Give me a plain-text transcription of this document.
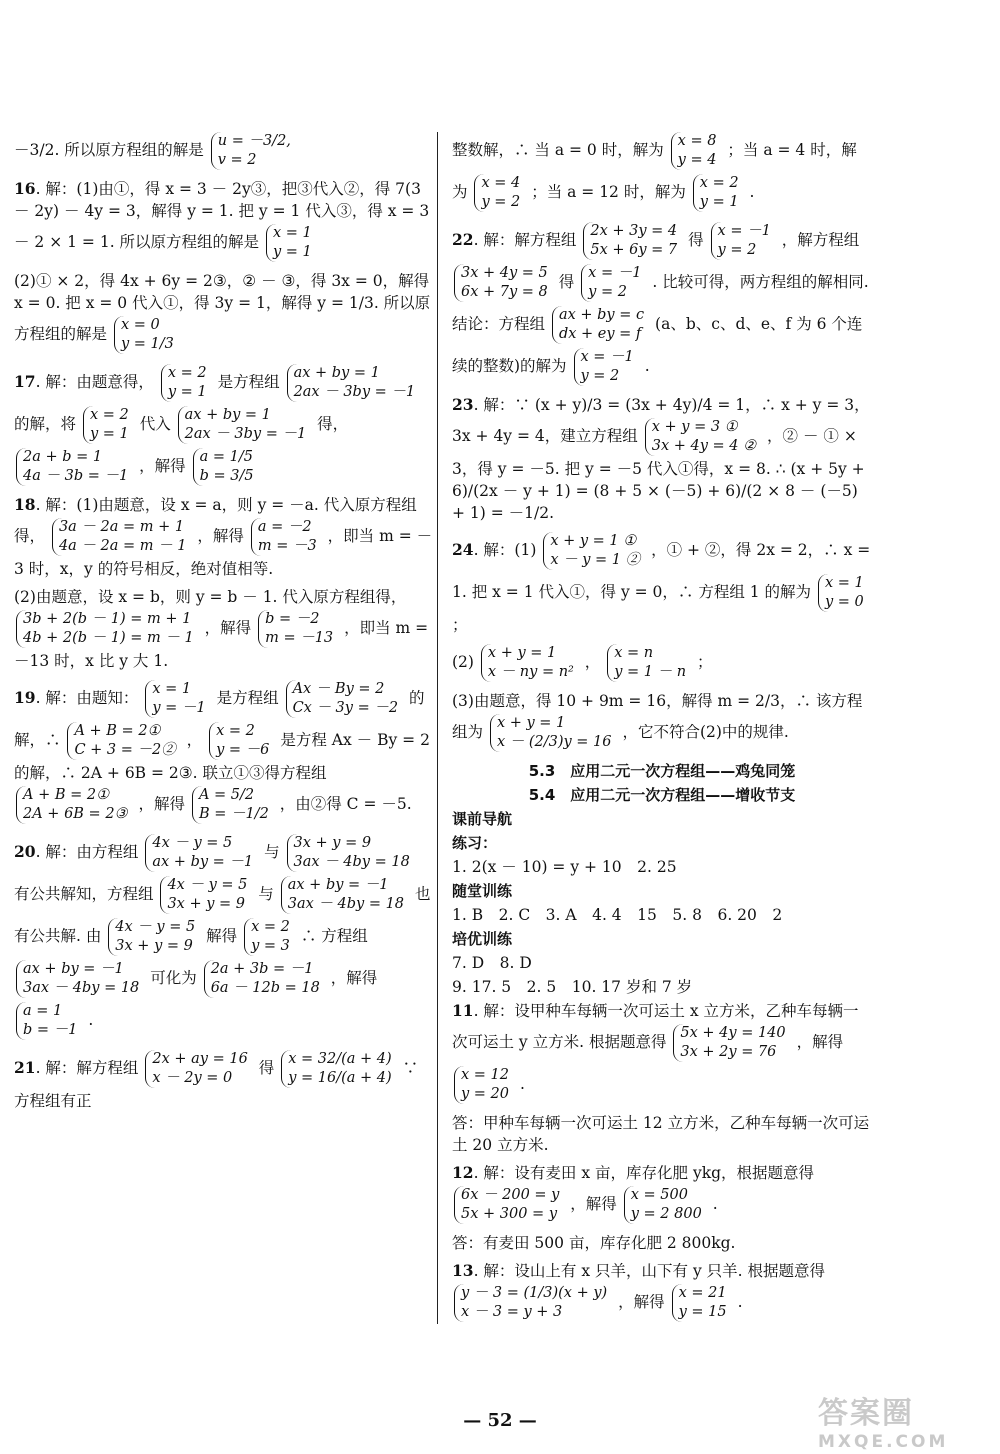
－3/2. 所以原方程组的解是 u = －3/2,
v = 2

16. 解：(1)由①，得 x = 3 － 2y③，把③代入②，得 7(3 － 2y) － 4y = 3，解得 y = 1. 把 y = 1 代入③，得 x = 3 － 2 × 1 = 1. 所以原方程组的解是 x = 1
y = 1

(2)① × 2，得 4x + 6y = 2③，② － ③，得 3x = 0，解得 x = 0. 把 x = 0 代入①，得 3y = 1，解得 y = 1/3. 所以原方程组的解是 x = 0
y = 1/3

17. 解：由题意得， x = 2
y = 1
是方程组 ax + by = 1
2ax － 3by = －1
的解，将 x = 2
y = 1
代入 ax + by = 1
2ax － 3by = －1
得，
2a + b = 1
4a － 3b = －1
，解得 a = 1/5
b = 3/5

18. 解：(1)由题意，设 x = a，则 y = －a. 代入原方程组得， 3a － 2a = m + 1
4a － 2a = m － 1
，解得 a = －2
m = －3
，即当 m = －3 时，x，y 的符号相反，绝对值相等.

(2)由题意，设 x = b，则 y = b － 1. 代入原方程组得，
3b + 2(b － 1) = m + 1
4b + 2(b － 1) = m － 1
，解得 b = －2
m = －13
，即当 m = －13 时，x 比 y 大 1.

19. 解：由题知： x = 1
y = －1
是方程组 Ax － By = 2
Cx － 3y = －2
的解，∴ A + B = 2①
C + 3 = －2②
， x = 2
y = －6
是方程 Ax － By = 2 的解，∴ 2A + 6B = 2③. 联立①③得方程组
A + B = 2①
2A + 6B = 2③
，解得 A = 5/2
B = －1/2
，由②得 C = －5.

20. 解：由方程组 4x － y = 5
ax + by = －1
与 3x + y = 9
3ax － 4by = 18
有公共解知，方程组 4x － y = 5
3x + y = 9
与 ax + by = －1
3ax － 4by = 18
也有公共解. 由 4x － y = 5
3x + y = 9
解得 x = 2
y = 3
∴ 方程组
ax + by = －1
3ax － 4by = 18
可化为 2a + 3b = －1
6a － 12b = 18
，解得
a = 1
b = －1
.

21. 解：解方程组 2x + ay = 16
x － 2y = 0
得 x = 32/(a + 4)
y = 16/(a + 4)
∵ 方程组有正

整数解，∴ 当 a = 0 时，解为 x = 8
y = 4
；当 a = 4 时，解为 x = 4
y = 2
；当 a = 12 时，解为 x = 2
y = 1
.

22. 解：解方程组 2x + 3y = 4
5x + 6y = 7
得 x = －1
y = 2
，解方程组
3x + 4y = 5
6x + 7y = 8
得 x = －1
y = 2
. 比较可得，两方程组的解相同. 结论：方程组 ax + by = c
dx + ey = f
(a、b、c、d、e、f 为 6 个连续的整数)的解为 x = －1
y = 2
.

23. 解：∵ (x + y)/3 = (3x + 4y)/4 = 1，∴ x + y = 3，3x + 4y = 4，建立方程组 x + y = 3 ①
3x + 4y = 4 ②
，② － ① × 3，得 y = －5. 把 y = －5 代入①得，x = 8. ∴ (x + 5y + 6)/(2x － y + 1) = (8 + 5 × (－5) + 6)/(2 × 8 － (－5) + 1) = －1/2.

24. 解：(1) x + y = 1 ①
x － y = 1 ②
，① + ②，得 2x = 2，∴ x = 1. 把 x = 1 代入①，得 y = 0，∴ 方程组 1 的解为 x = 1
y = 0
；

(2) x + y = 1
x － ny = n²
， x = n
y = 1 － n
；

(3)由题意，得 10 + 9m = 16，解得 m = 2/3，∴ 该方程组为 x + y = 1
x － (2/3)y = 16
，它不符合(2)中的规律.

5.3　应用二元一次方程组——鸡兔同笼
5.4　应用二元一次方程组——增收节支
课前导航
练习：
1. 2(x － 10) = y + 10　2. 25
随堂训练
1. B　2. C　3. A　4. 4　15　5. 8　6. 20　2
培优训练
7. D　8. D
9. 17. 5　2. 5　10. 17 岁和 7 岁

11. 解：设甲种车每辆一次可运土 x 立方米，乙种车每辆一次可运土 y 立方米. 根据题意得 5x + 4y = 140
3x + 2y = 76
，解得
x = 12
y = 20
.

答：甲种车每辆一次可运土 12 立方米，乙种车每辆一次可运土 20 立方米.

12. 解：设有麦田 x 亩，库存化肥 ykg，根据题意得
6x － 200 = y
5x + 300 = y
，解得 x = 500
y = 2 800
.

答：有麦田 500 亩，库存化肥 2 800kg.

13. 解：设山上有 x 只羊，山下有 y 只羊. 根据题意得
y － 3 = (1/3)(x + y)
x － 3 = y + 3
，解得 x = 21
y = 15
.

— 52 —	答案圈
MXQE.COM
